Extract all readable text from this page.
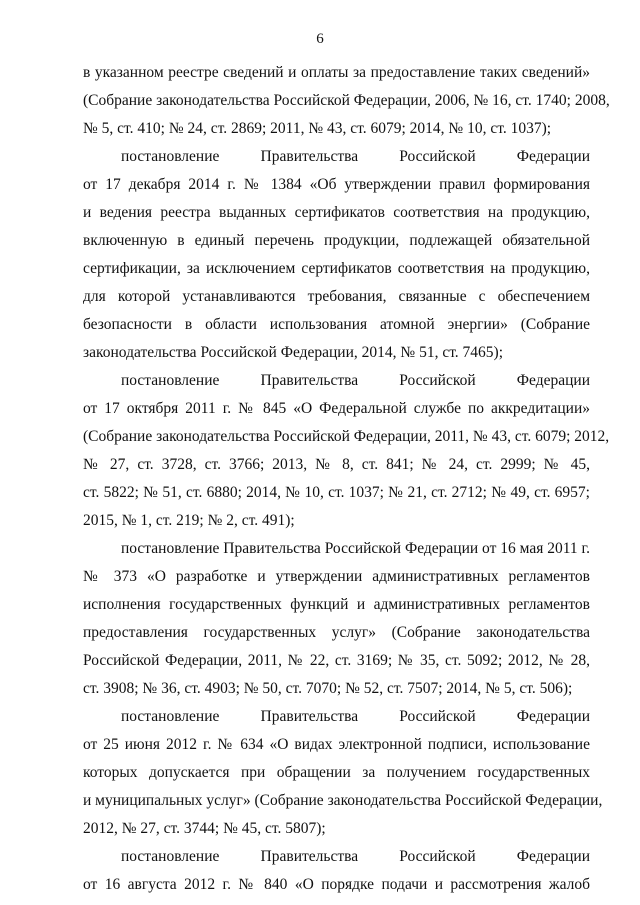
6
в указанном реестре сведений и оплаты за предоставление таких сведений»
(Собрание законодательства Российской Федерации, 2006, № 16, ст. 1740; 2008,
№ 5, ст. 410; № 24, ст. 2869; 2011, № 43, ст. 6079; 2014, № 10, ст. 1037);
постановление Правительства Российской Федерации
от 17 декабря 2014 г. № 1384 «Об утверждении правил формирования
и ведения реестра выданных сертификатов соответствия на продукцию,
включенную в единый перечень продукции, подлежащей обязательной
сертификации, за исключением сертификатов соответствия на продукцию,
для которой устанавливаются требования, связанные с обеспечением
безопасности в области использования атомной энергии» (Собрание
законодательства Российской Федерации, 2014, № 51, ст. 7465);
постановление Правительства Российской Федерации
от 17 октября 2011 г. № 845 «О Федеральной службе по аккредитации»
(Собрание законодательства Российской Федерации, 2011, № 43, ст. 6079; 2012,
№ 27, ст. 3728, ст. 3766; 2013, № 8, ст. 841; № 24, ст. 2999; № 45,
ст. 5822; № 51, ст. 6880; 2014, № 10, ст. 1037; № 21, ст. 2712; № 49, ст. 6957;
2015, № 1, ст. 219; № 2, ст. 491);
постановление Правительства Российской Федерации от 16 мая 2011 г.
№ 373 «О разработке и утверждении административных регламентов
исполнения государственных функций и административных регламентов
предоставления государственных услуг» (Собрание законодательства
Российской Федерации, 2011, № 22, ст. 3169; № 35, ст. 5092; 2012, № 28,
ст. 3908; № 36, ст. 4903; № 50, ст. 7070; № 52, ст. 7507; 2014, № 5, ст. 506);
постановление Правительства Российской Федерации
от 25 июня 2012 г. № 634 «О видах электронной подписи, использование
которых допускается при обращении за получением государственных
и муниципальных услуг» (Собрание законодательства Российской Федерации,
2012, № 27, ст. 3744; № 45, ст. 5807);
постановление Правительства Российской Федерации
от 16 августа 2012 г. № 840 «О порядке подачи и рассмотрения жалоб
